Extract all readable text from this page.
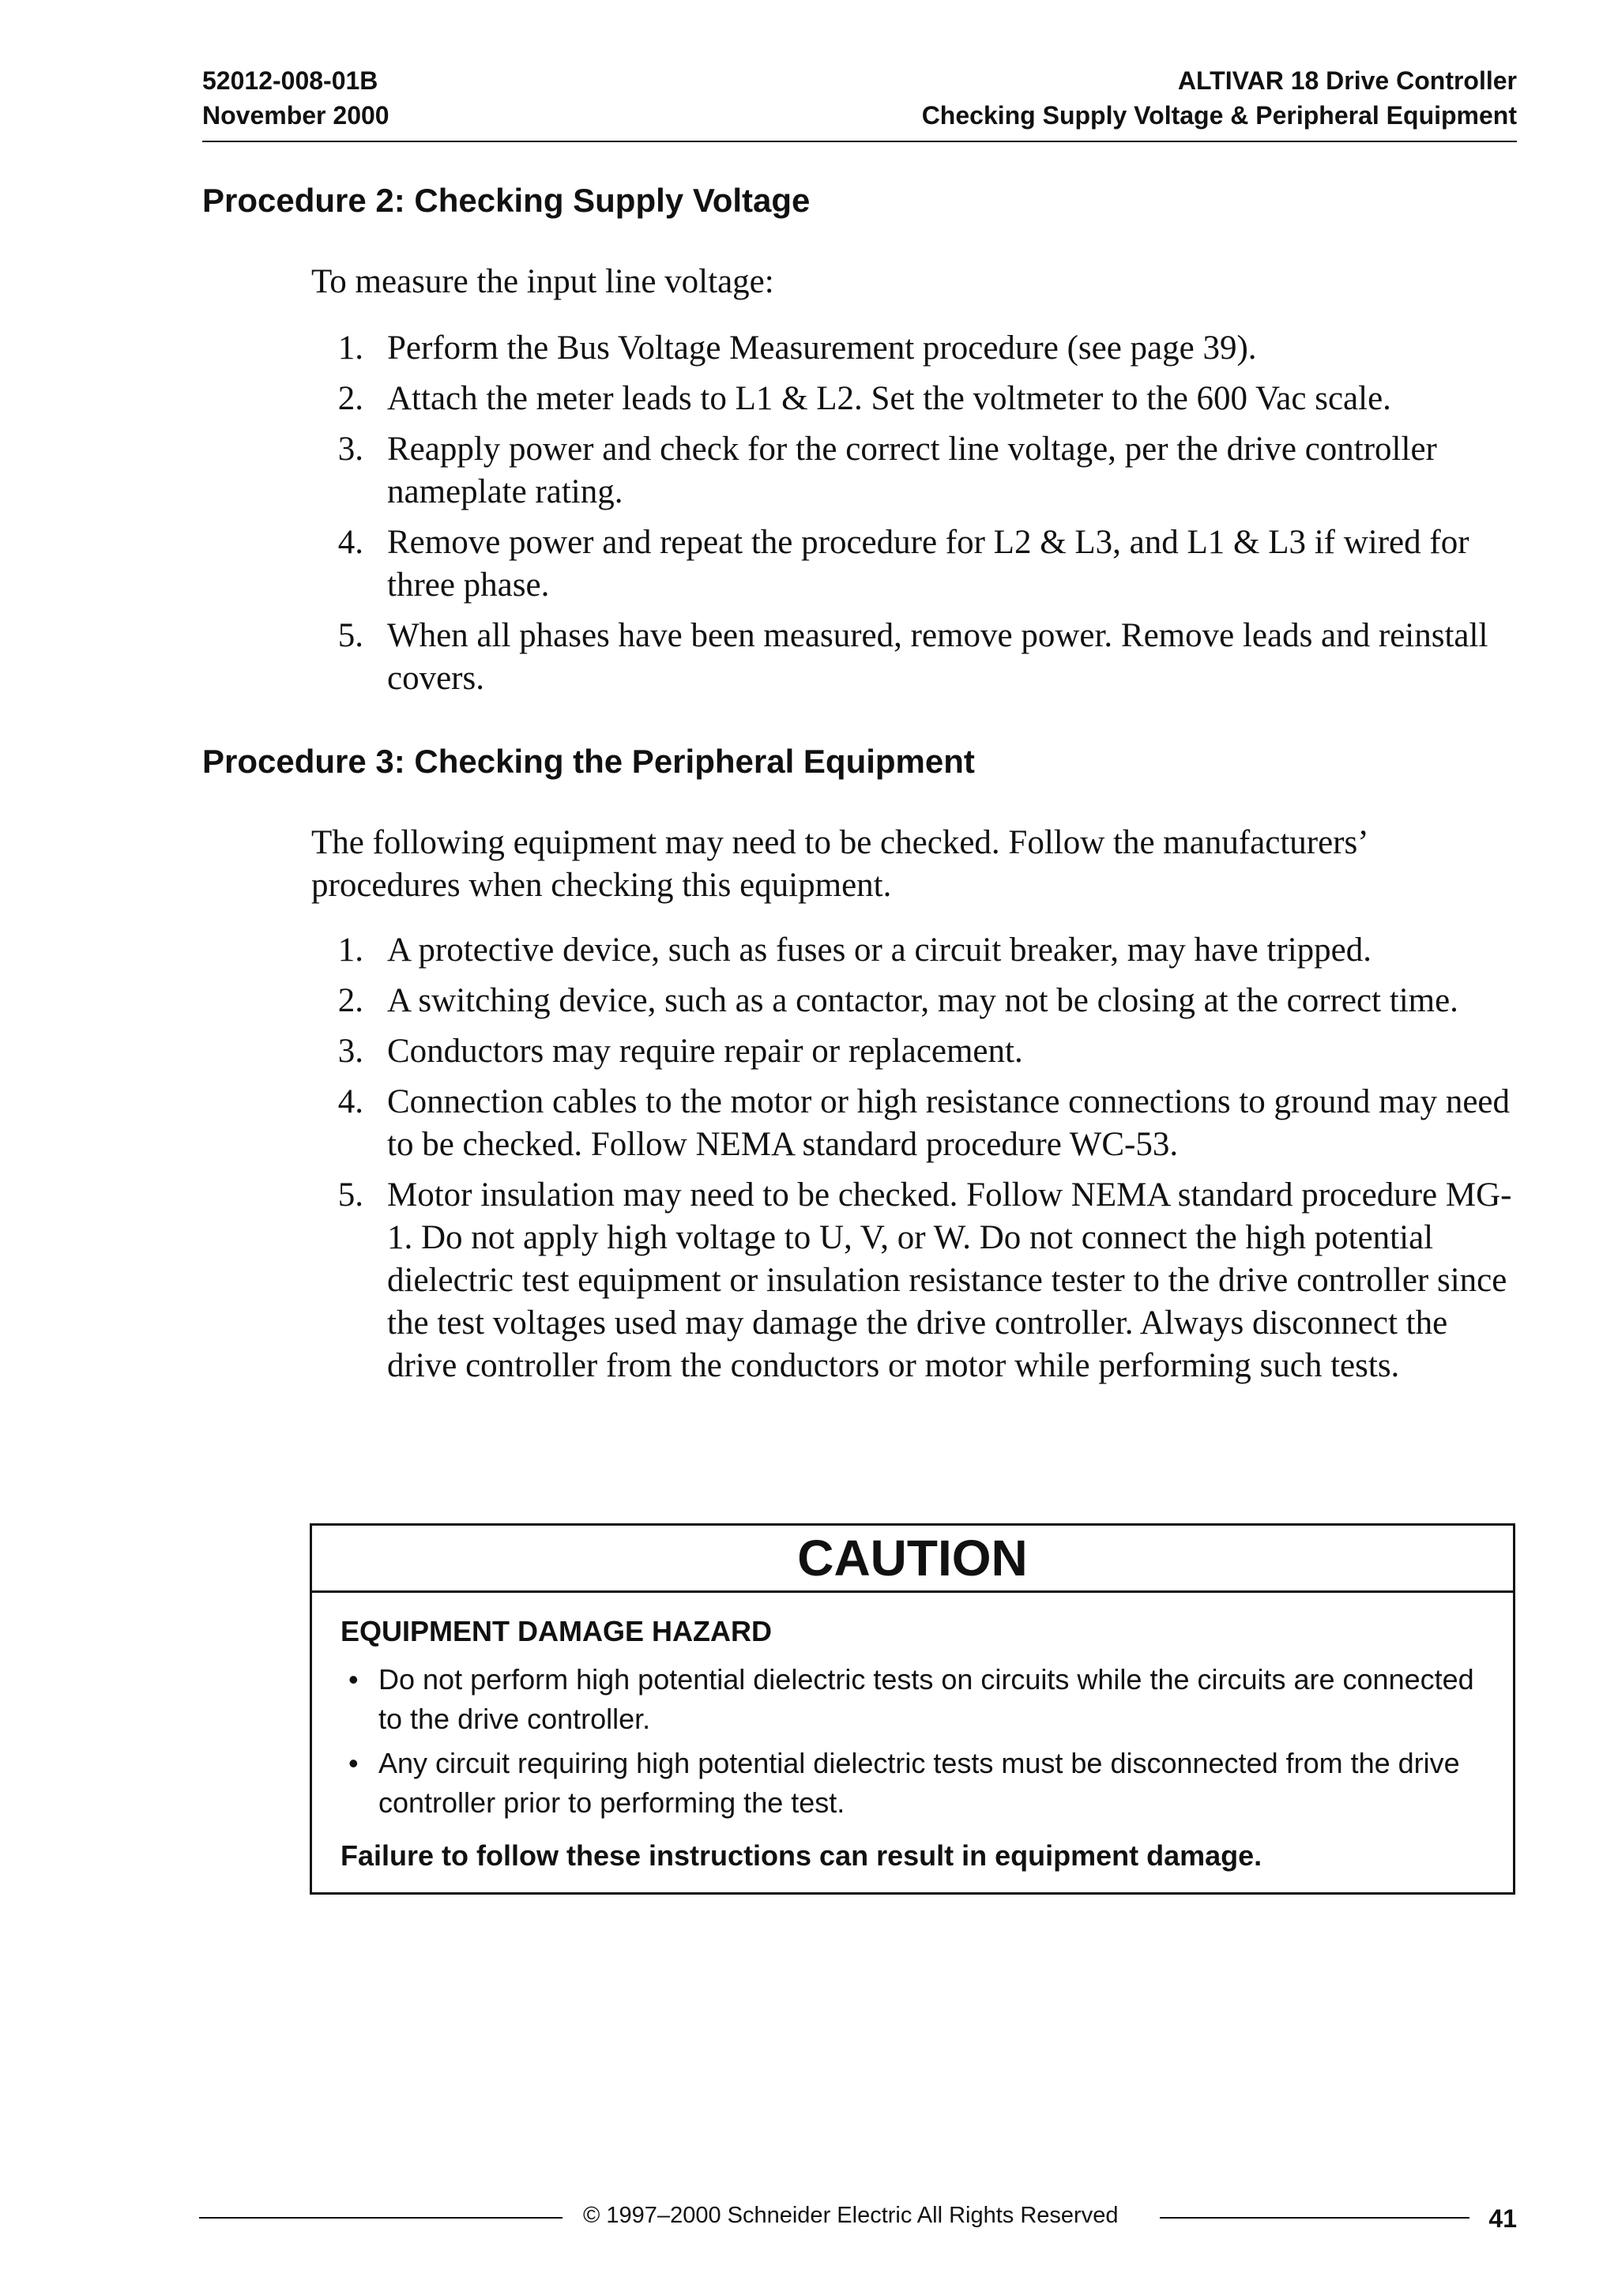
52012-008-01B
November 2000
ALTIVAR 18 Drive Controller
Checking Supply Voltage & Peripheral Equipment
Procedure 2: Checking Supply Voltage

To measure the input line voltage:

1. Perform the Bus Voltage Measurement procedure (see page 39).
2. Attach the meter leads to L1 & L2. Set the voltmeter to the 600 Vac scale.
3. Reapply power and check for the correct line voltage, per the drive controller nameplate rating.
4. Remove power and repeat the procedure for L2 & L3, and L1 & L3 if wired for three phase.
5. When all phases have been measured, remove power. Remove leads and reinstall covers.
Procedure 3: Checking the Peripheral Equipment

The following equipment may need to be checked. Follow the manufacturers’ procedures when checking this equipment.

1. A protective device, such as fuses or a circuit breaker, may have tripped.
2. A switching device, such as a contactor, may not be closing at the correct time.
3. Conductors may require repair or replacement.
4. Connection cables to the motor or high resistance connections to ground may need to be checked. Follow NEMA standard procedure WC-53.
5. Motor insulation may need to be checked. Follow NEMA standard procedure MG-1. Do not apply high voltage to U, V, or W. Do not connect the high potential dielectric test equipment or insulation resistance tester to the drive controller since the test voltages used may damage the drive controller. Always disconnect the drive controller from the conductors or motor while performing such tests.
CAUTION
EQUIPMENT DAMAGE HAZARD
• Do not perform high potential dielectric tests on circuits while the circuits are connected to the drive controller.
• Any circuit requiring high potential dielectric tests must be disconnected from the drive controller prior to performing the test.
Failure to follow these instructions can result in equipment damage.
© 1997–2000 Schneider Electric All Rights Reserved	41
